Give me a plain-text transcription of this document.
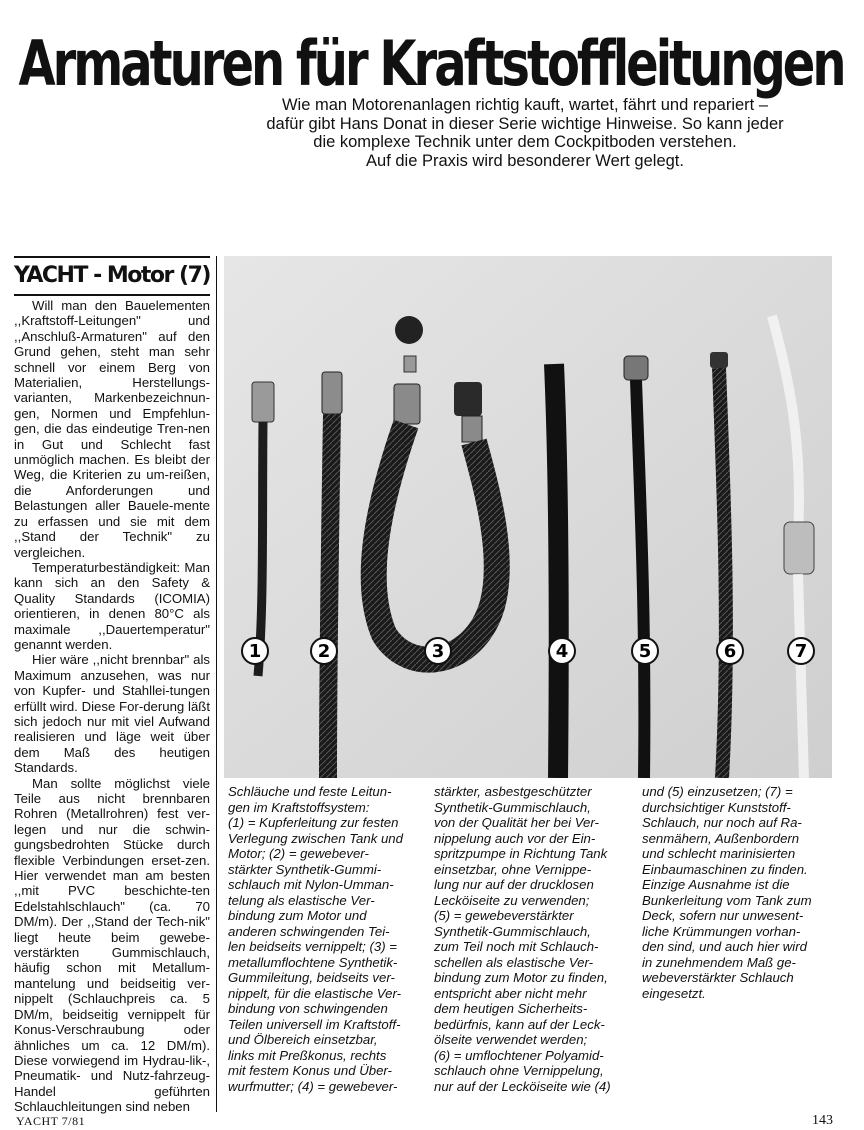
Armaturen für Kraftstoffleitungen
Wie man Motorenanlagen richtig kauft, wartet, fährt und repariert –
dafür gibt Hans Donat in dieser Serie wichtige Hinweise. So kann jeder
die komplexe Technik unter dem Cockpitboden verstehen.
Auf die Praxis wird besonderer Wert gelegt.
YACHT - Motor (7)

Will man den Bauelementen ,,Kraftstoff-Leitungen" und ,,Anschluß-Armaturen" auf den Grund gehen, steht man sehr schnell vor einem Berg von Materialien, Herstellungs-varianten, Markenbezeichnun-gen, Normen und Empfehlun-gen, die das eindeutige Tren-nen in Gut und Schlecht fast unmöglich machen. Es bleibt der Weg, die Kriterien zu um-reißen, die Anforderungen und Belastungen aller Bauele-mente zu erfassen und sie mit dem ,,Stand der Technik" zu vergleichen.

Temperaturbeständigkeit: Man kann sich an den Safety & Quality Standards (ICOMIA) orientieren, in denen 80°C als maximale ,,Dauertemperatur" genannt werden.

Hier wäre ,,nicht brennbar" als Maximum anzusehen, was nur von Kupfer- und Stahllei-tungen erfüllt wird. Diese For-derung läßt sich jedoch nur mit viel Aufwand realisieren und läge weit über dem Maß des heutigen Standards.

Man sollte möglichst viele Teile aus nicht brennbaren Rohren (Metallrohren) fest ver-legen und nur die schwin-gungsbedrohten Stücke durch flexible Verbindungen erset-zen. Hier verwendet man am besten ,,mit PVC beschichte-ten Edelstahlschlauch" (ca. 70 DM/m). Der ,,Stand der Tech-nik" liegt heute beim gewebe-verstärkten Gummischlauch, häufig schon mit Metallum-mantelung und beidseitig ver-nippelt (Schlauchpreis ca. 5 DM/m, beidseitig vernippelt für Konus-Verschraubung oder ähnliches um ca. 12 DM/m). Diese vorwiegend im Hydrau-lik-, Pneumatik- und Nutz-fahrzeug-Handel geführten Schlauchleitungen sind neben

1	2	3	4	5	6	7
Schläuche und feste Leitun-
gen im Kraftstoffsystem:
(1) = Kupferleitung zur festen
Verlegung zwischen Tank und
Motor; (2) = gewebever-
stärkter Synthetik-Gummi-
schlauch mit Nylon-Umman-
telung als elastische Ver-
bindung zum Motor und
anderen schwingenden Tei-
len beidseits vernippelt; (3) =
metallumflochtene Synthetik-
Gummileitung, beidseits ver-
nippelt, für die elastische Ver-
bindung von schwingenden
Teilen universell im Kraftstoff-
und Ölbereich einsetzbar,
links mit Preßkonus, rechts
mit festem Konus und Über-
wurfmutter; (4) = gewebever-
stärkter, asbestgeschützter
Synthetik-Gummischlauch,
von der Qualität her bei Ver-
nippelung auch vor der Ein-
spritzpumpe in Richtung Tank
einsetzbar, ohne Vernippe-
lung nur auf der drucklosen
Lecköiseite zu verwenden;
(5) = gewebeverstärkter
Synthetik-Gummischlauch,
zum Teil noch mit Schlauch-
schellen als elastische Ver-
bindung zum Motor zu finden,
entspricht aber nicht mehr
dem heutigen Sicherheits-
bedürfnis, kann auf der Leck-
ölseite verwendet werden;
(6) = umflochtener Polyamid-
schlauch ohne Vernippelung,
nur auf der Lecköiseite wie (4)
und (5) einzusetzen; (7) =
durchsichtiger Kunststoff-
Schlauch, nur noch auf Ra-
senmähern, Außenbordern
und schlecht marinisierten
Einbaumaschinen zu finden.
Einzige Ausnahme ist die
Bunkerleitung vom Tank zum
Deck, sofern nur unwesent-
liche Krümmungen vorhan-
den sind, und auch hier wird
in zunehmendem Maß ge-
webeverstärkter Schlauch
eingesetzt.
YACHT 7/81	143
